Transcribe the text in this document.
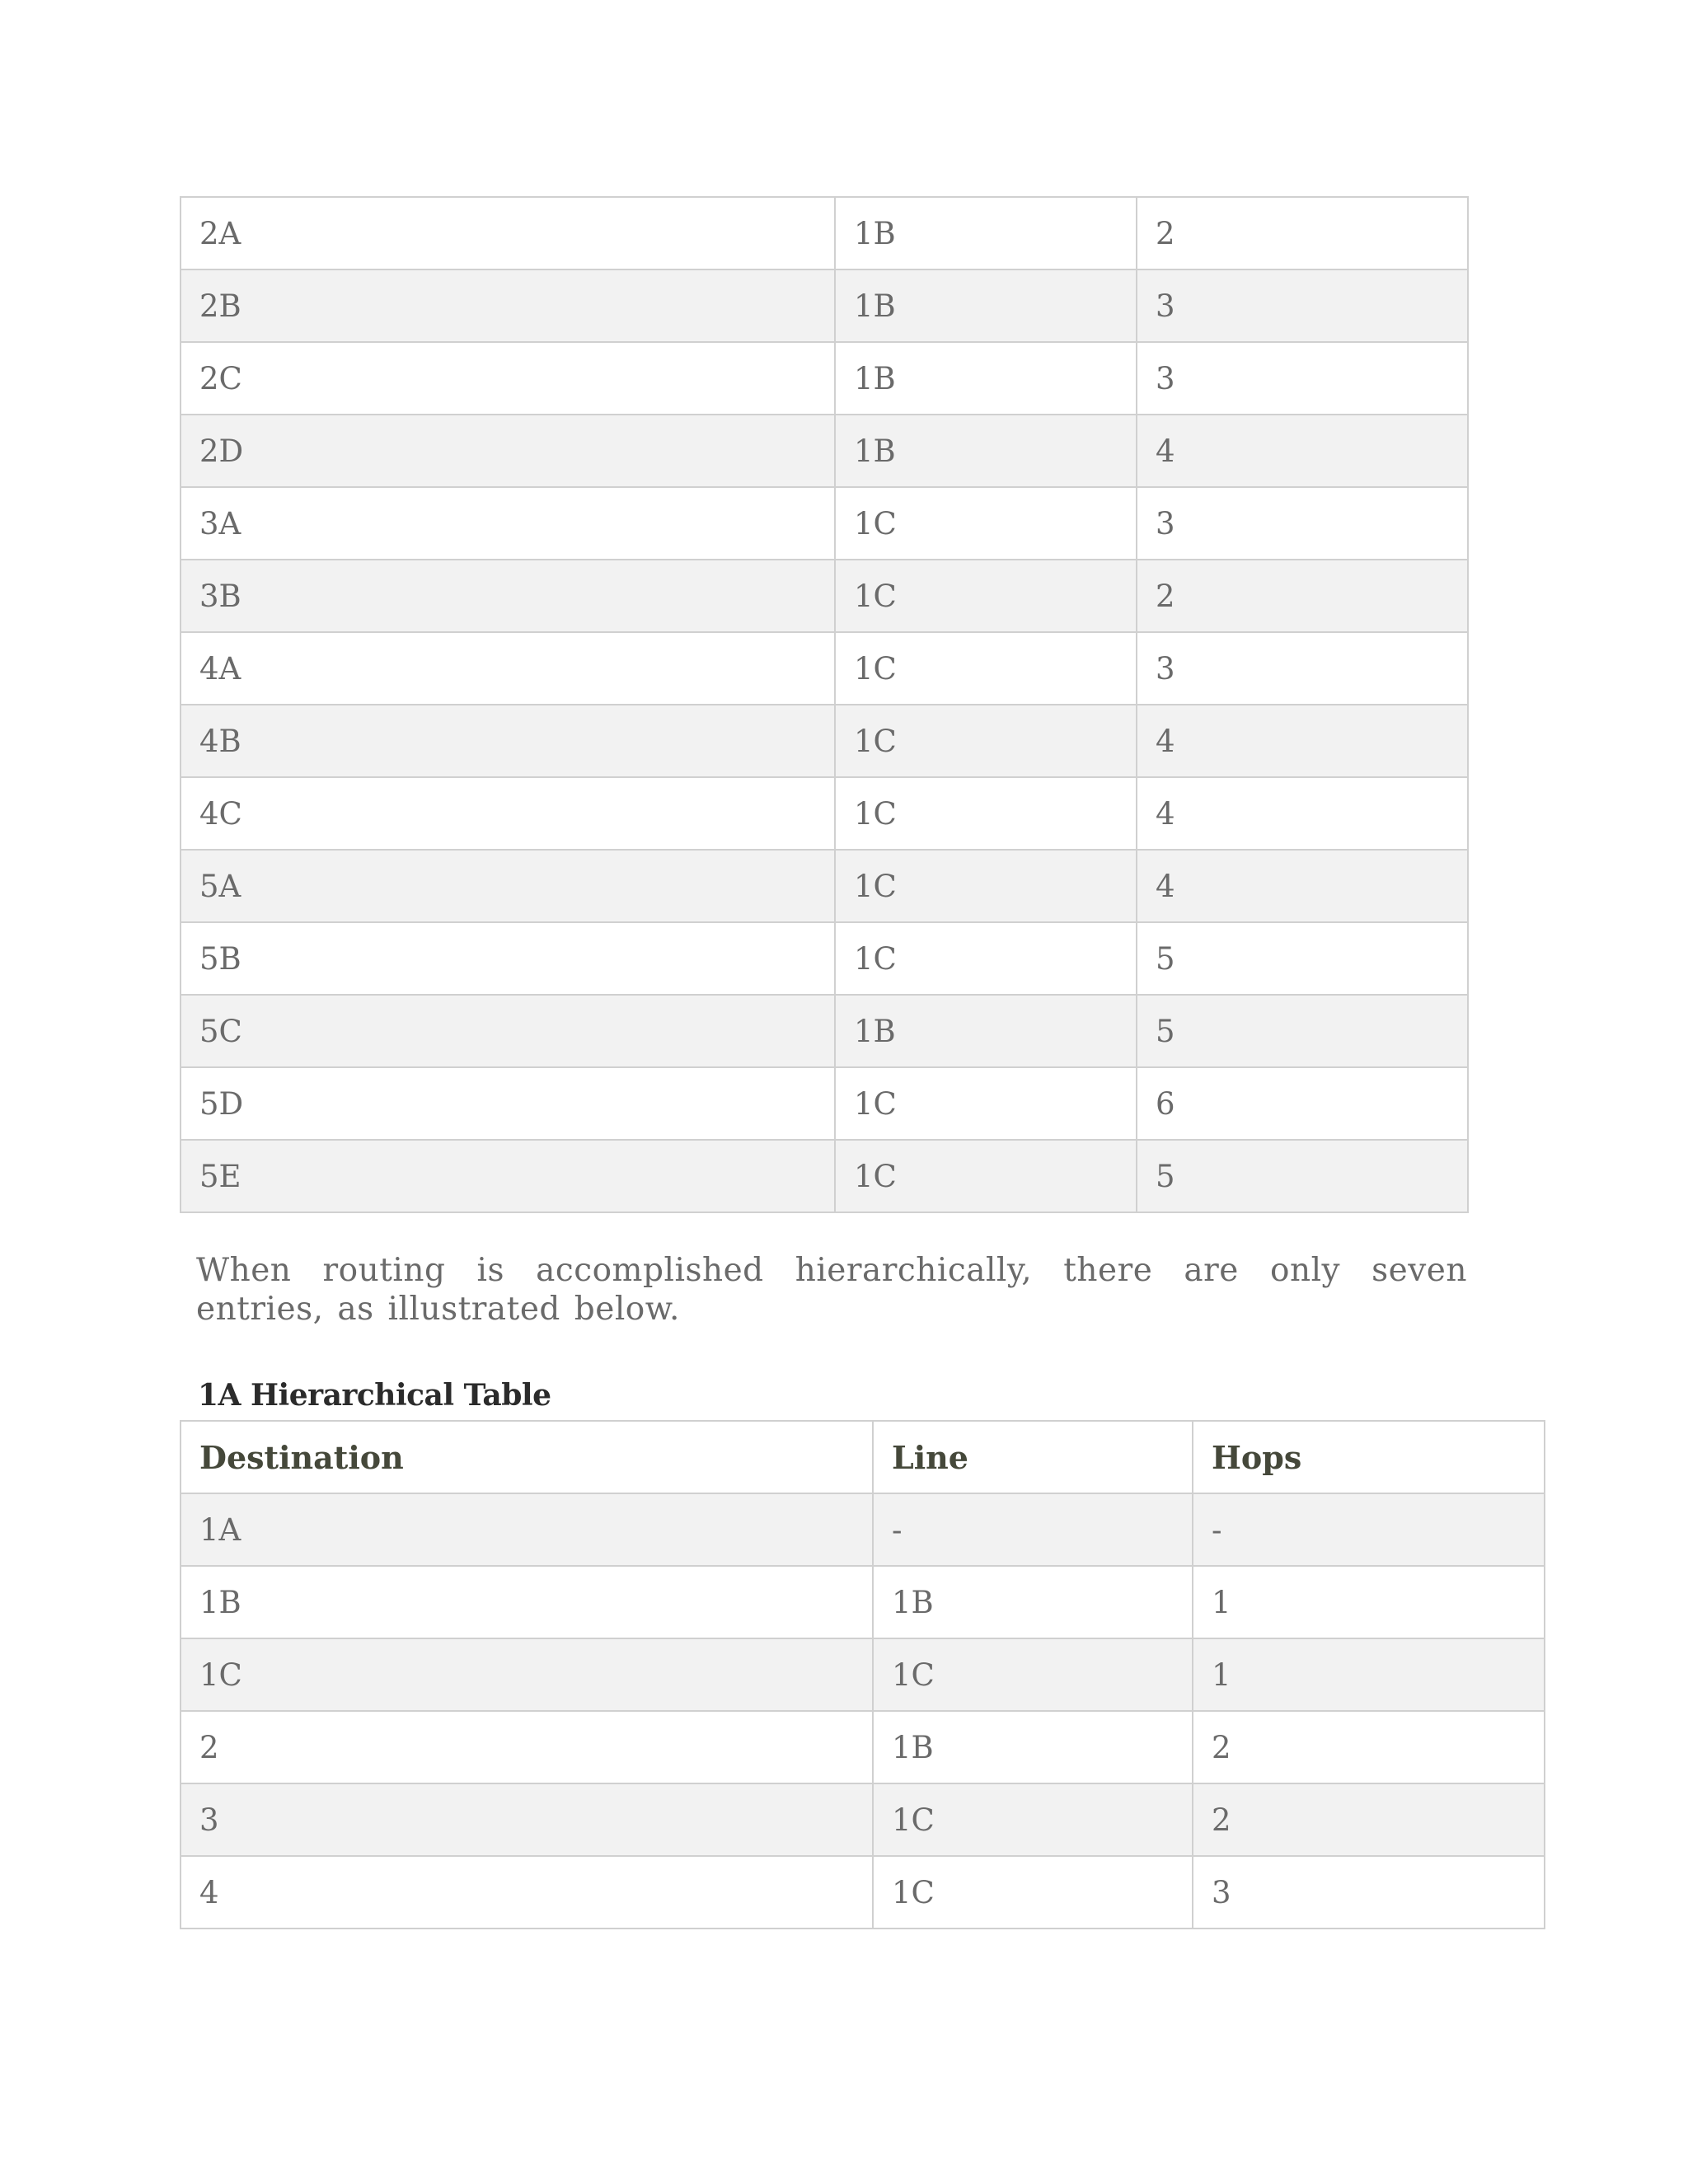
2A	1B	2
2B	1B	3
2C	1B	3
2D	1B	4
3A	1C	3
3B	1C	2
4A	1C	3
4B	1C	4
4C	1C	4
5A	1C	4
5B	1C	5
5C	1B	5
5D	1C	6
5E	1C	5

When routing is accomplished hierarchically, there are only seven entries, as illustrated below.

1A Hierarchical Table

Destination	Line	Hops
1A	-	-
1B	1B	1
1C	1C	1
2	1B	2
3	1C	2
4	1C	3
